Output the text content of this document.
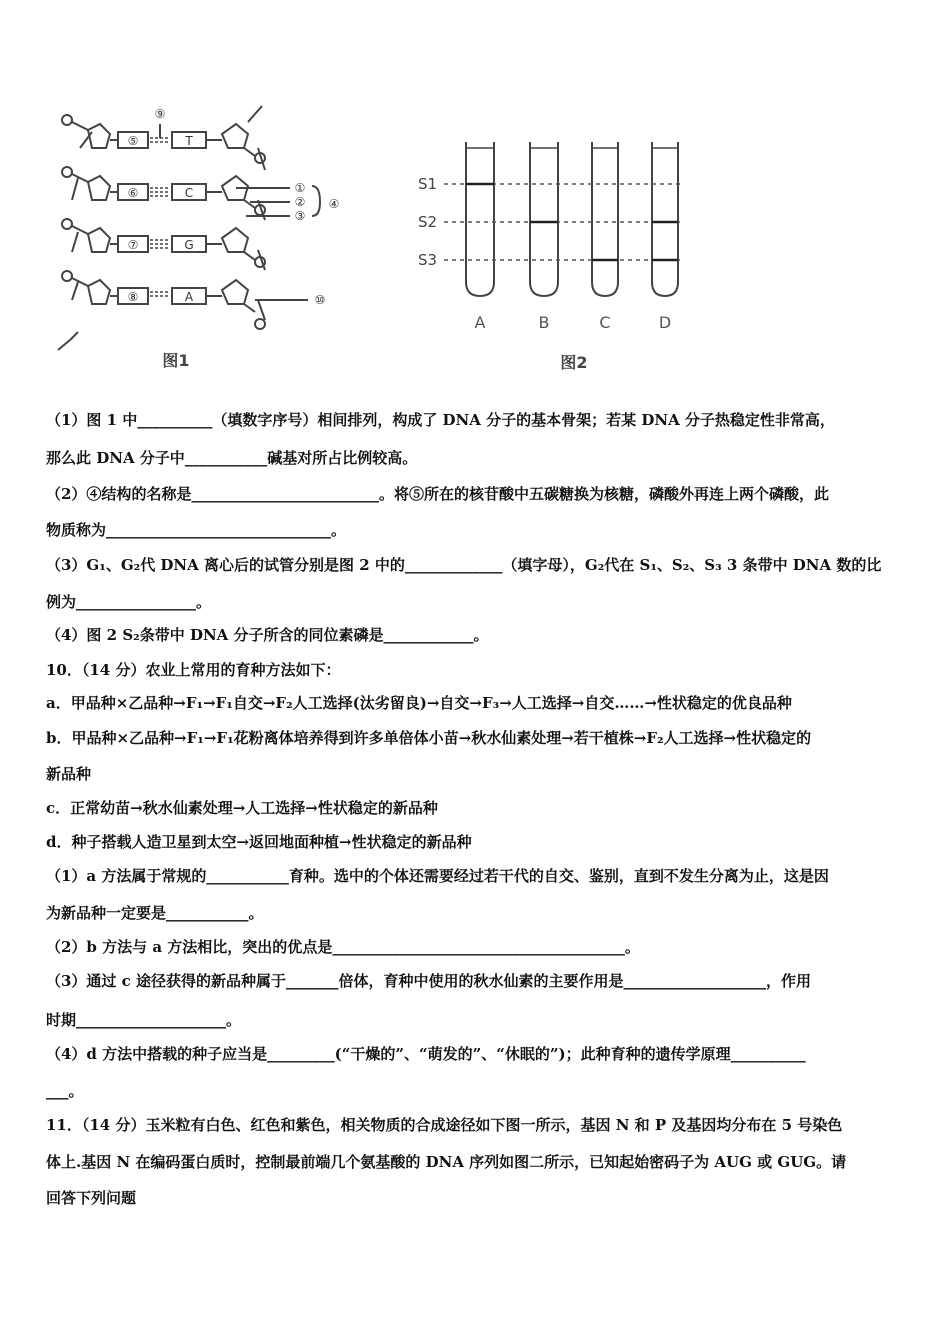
⑤
⑥
⑦
⑧
T
C
G
A
⑨
①
②
③
④
⑩
图1
S1
S2
S3
A	B	C	D
图2
（1）图 1 中__________（填数字序号）相间排列，构成了 DNA 分子的基本骨架；若某 DNA 分子热稳定性非常高，
那么此 DNA 分子中___________碱基对所占比例较高。
（2）④结构的名称是_________________________。将⑤所在的核苷酸中五碳糖换为核糖，磷酸外再连上两个磷酸，此
物质称为______________________________。
（3）G₁、G₂代 DNA 离心后的试管分别是图 2 中的_____________（填字母），G₂代在 S₁、S₂、S₃ 3 条带中 DNA 数的比
例为________________。
（4）图 2 S₂条带中 DNA 分子所含的同位素磷是____________。
10．（14 分）农业上常用的育种方法如下：
a．甲品种×乙品种→F₁→F₁自交→F₂人工选择(汰劣留良)→自交→F₃→人工选择→自交……→性状稳定的优良品种
b．甲品种×乙品种→F₁→F₁花粉离体培养得到许多单倍体小苗→秋水仙素处理→若干植株→F₂人工选择→性状稳定的
新品种
c．正常幼苗→秋水仙素处理→人工选择→性状稳定的新品种
d．种子搭载人造卫星到太空→返回地面种植→性状稳定的新品种
（1）a 方法属于常规的___________育种。选中的个体还需要经过若干代的自交、鉴别，直到不发生分离为止，这是因
为新品种一定要是___________。
（2）b 方法与 a 方法相比，突出的优点是_______________________________________。
（3）通过 c 途径获得的新品种属于_______倍体，育种中使用的秋水仙素的主要作用是___________________，作用
时期____________________。
（4）d 方法中搭载的种子应当是_________(“干燥的”、“萌发的”、“休眠的”)；此种育种的遗传学原理__________
___。
11．（14 分）玉米粒有白色、红色和紫色，相关物质的合成途径如下图一所示，基因 N 和 P 及基因均分布在 5 号染色
体上.基因 N 在编码蛋白质时，控制最前端几个氨基酸的 DNA 序列如图二所示，已知起始密码子为 AUG 或 GUG。请
回答下列问题
